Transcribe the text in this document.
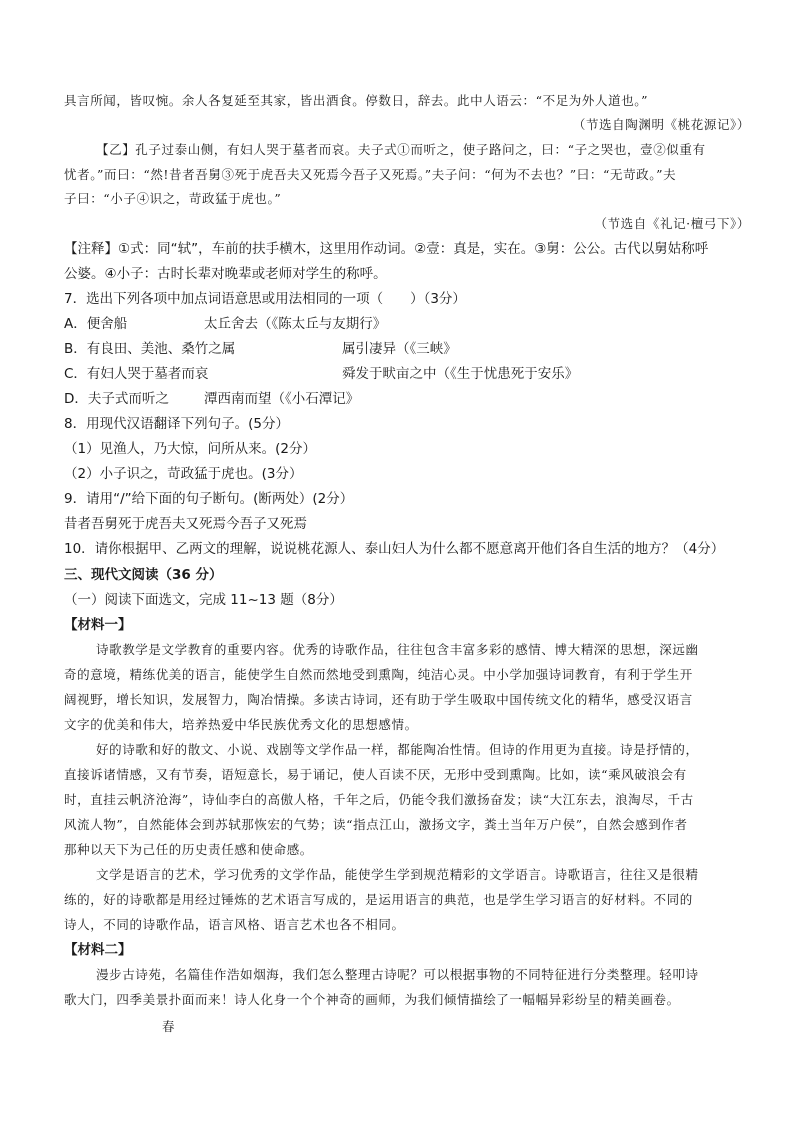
具言所闻，皆叹惋。余人各复延至其家，皆出酒食。停数日，辞去。此中人语云：“不足为外人道也。”
（节选自陶渊明《桃花源记》）
【乙】孔子过泰山侧，有妇人哭于墓者而哀。夫子式①而听之，使子路问之，曰：“子之哭也，壹②似重有
忧者。”而曰：“然!昔者吾舅③死于虎吾夫又死焉今吾子又死焉。”夫子问：“何为不去也？”曰：“无苛政。”夫
子曰：“小子④识之，苛政猛于虎也。”
（节选自《礼记·檀弓下》）
【注释】①式：同“轼”，车前的扶手横木，这里用作动词。②壹：真是，实在。③舅：公公。古代以舅姑称呼
公婆。④小子：古时长辈对晚辈或老师对学生的称呼。
7．选出下列各项中加点词语意思或用法相同的一项（　　）（3分）
A．便舍船	太丘舍去（《陈太丘与友期行》
B．有良田、美池、桑竹之属	属引凄异（《三峡》
C．有妇人哭于墓者而哀	舜发于畎亩之中（《生于忧患死于安乐》
D．夫子式而听之	潭西南而望（《小石潭记》
8．用现代汉语翻译下列句子。(5分）
（1）见渔人，乃大惊，问所从来。(2分）
（2）小子识之，苛政猛于虎也。(3分）
9．请用“/”给下面的句子断句。(断两处）(2分）
昔者吾舅死于虎吾夫又死焉今吾子又死焉
10．请你根据甲、乙两文的理解，说说桃花源人、泰山妇人为什么都不愿意离开他们各自生活的地方？（4分）
三、现代文阅读（36 分）
（一）阅读下面选文，完成 11~13 题（8分）
【材料一】
诗歌教学是文学教育的重要内容。优秀的诗歌作品，往往包含丰富多彩的感情、博大精深的思想，深远幽
奇的意境，精练优美的语言，能使学生自然而然地受到熏陶，纯洁心灵。中小学加强诗词教育，有利于学生开
阔视野，增长知识，发展智力，陶冶情操。多读古诗词，还有助于学生吸取中国传统文化的精华，感受汉语言
文字的优美和伟大，培养热爱中华民族优秀文化的思想感情。
好的诗歌和好的散文、小说、戏剧等文学作品一样，都能陶冶性情。但诗的作用更为直接。诗是抒情的，
直接诉诸情感，又有节奏，语短意长，易于诵记，使人百读不厌，无形中受到熏陶。比如，读“乘风破浪会有
时，直挂云帆济沧海”，诗仙李白的高傲人格，千年之后，仍能令我们激扬奋发；读“大江东去，浪淘尽，千古
风流人物”，自然能体会到苏轼那恢宏的气势；读“指点江山，激扬文字，粪土当年万户侯”，自然会感到作者
那种以天下为己任的历史责任感和使命感。
文学是语言的艺术，学习优秀的文学作品，能使学生学到规范精彩的文学语言。诗歌语言，往往又是很精
练的，好的诗歌都是用经过锤炼的艺术语言写成的，是运用语言的典范，也是学生学习语言的好材料。不同的
诗人，不同的诗歌作品，语言风格、语言艺术也各不相同。
【材料二】
漫步古诗苑，名篇佳作浩如烟海，我们怎么整理古诗呢？可以根据事物的不同特征进行分类整理。轻叩诗
歌大门，四季美景扑面而来！诗人化身一个个神奇的画师，为我们倾情描绘了一幅幅异彩纷呈的精美画卷。
春
